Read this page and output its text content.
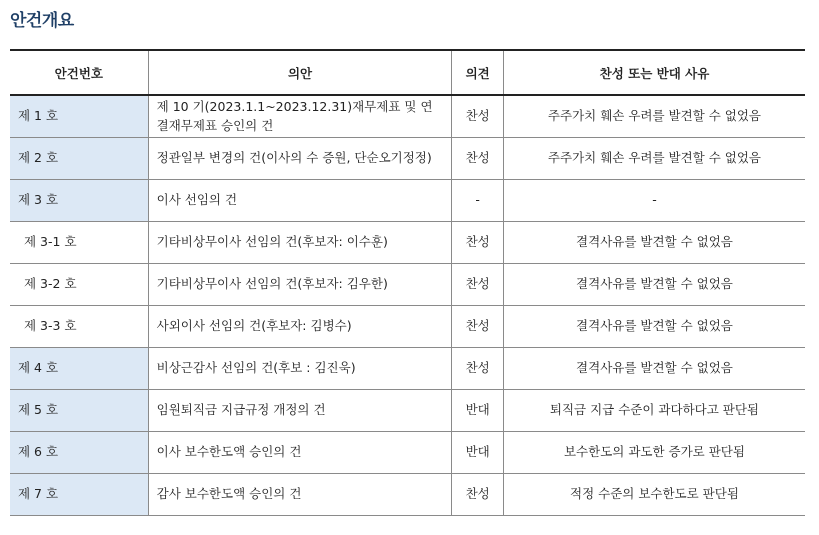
안건개요
안건번호	의안	의견	찬성 또는 반대 사유
제 1 호	제 10 기(2023.1.1~2023.12.31)재무제표 및 연결재무제표 승인의 건	찬성	주주가치 훼손 우려를 발견할 수 없었음
제 2 호	정관일부 변경의 건(이사의 수 증원, 단순오기정정)	찬성	주주가치 훼손 우려를 발견할 수 없었음
제 3 호	이사 선임의 건	-	-
제 3-1 호	기타비상무이사 선임의 건(후보자: 이수훈)	찬성	결격사유를 발견할 수 없었음
제 3-2 호	기타비상무이사 선임의 건(후보자: 김우한)	찬성	결격사유를 발견할 수 없었음
제 3-3 호	사외이사 선임의 건(후보자: 김병수)	찬성	결격사유를 발견할 수 없었음
제 4 호	비상근감사 선임의 건(후보 : 김진욱)	찬성	결격사유를 발견할 수 없었음
제 5 호	임원퇴직금 지급규정 개정의 건	반대	퇴직금 지급 수준이 과다하다고 판단됨
제 6 호	이사 보수한도액 승인의 건	반대	보수한도의 과도한 증가로 판단됨
제 7 호	감사 보수한도액 승인의 건	찬성	적정 수준의 보수한도로 판단됨
